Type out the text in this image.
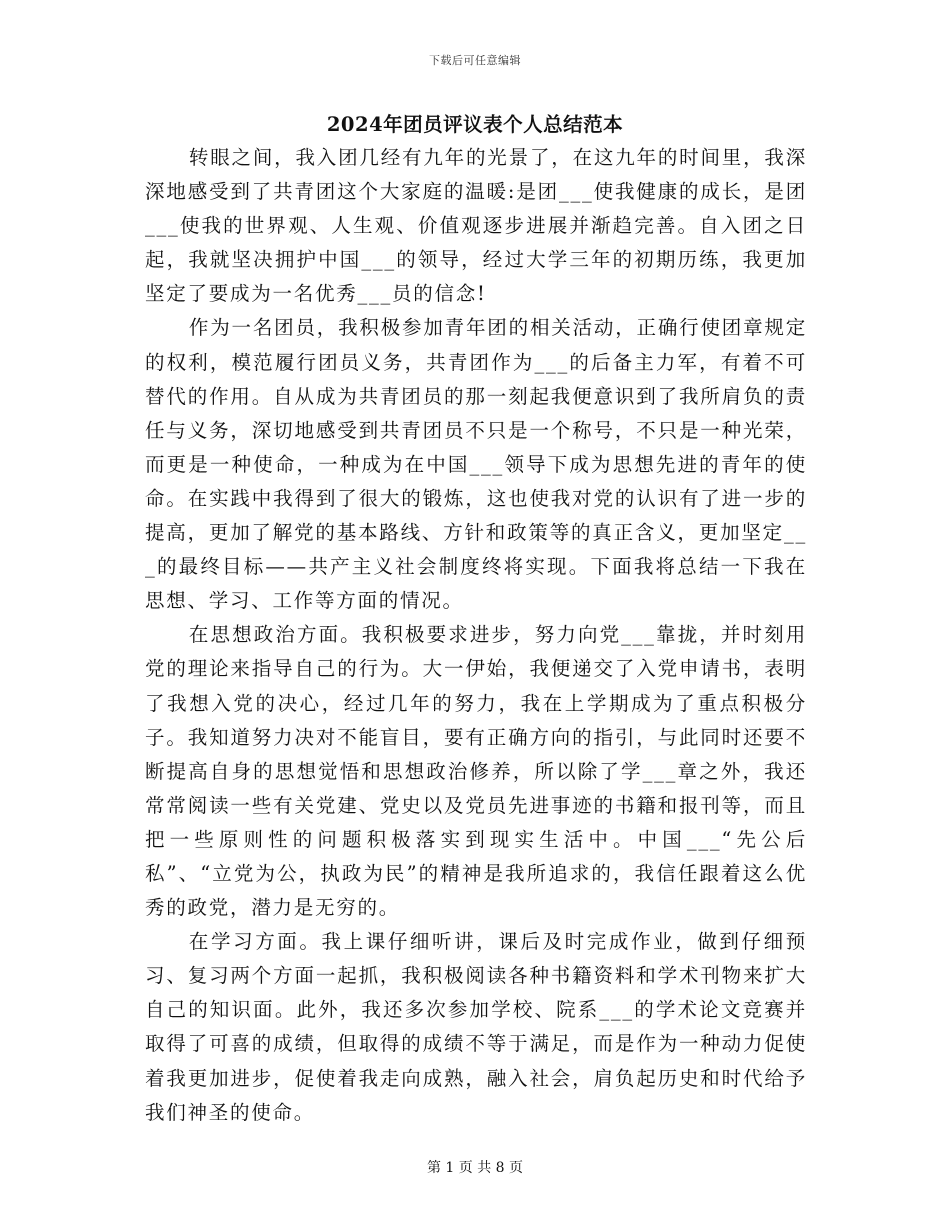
下载后可任意编辑
2024年团员评议表个人总结范本

转眼之间，我入团几经有九年的光景了，在这九年的时间里，我深深地感受到了共青团这个大家庭的温暖:是团___使我健康的成长，是团___使我的世界观、人生观、价值观逐步进展并渐趋完善。自入团之日起，我就坚决拥护中国___的领导，经过大学三年的初期历练，我更加坚定了要成为一名优秀___员的信念!

作为一名团员，我积极参加青年团的相关活动，正确行使团章规定的权利，模范履行团员义务，共青团作为___的后备主力军，有着不可替代的作用。自从成为共青团员的那一刻起我便意识到了我所肩负的责任与义务，深切地感受到共青团员不只是一个称号，不只是一种光荣，而更是一种使命，一种成为在中国___领导下成为思想先进的青年的使命。在实践中我得到了很大的锻炼，这也使我对党的认识有了进一步的提高，更加了解党的基本路线、方针和政策等的真正含义，更加坚定___的最终目标——共产主义社会制度终将实现。下面我将总结一下我在思想、学习、工作等方面的情况。

在思想政治方面。我积极要求进步，努力向党___靠拢，并时刻用党的理论来指导自己的行为。大一伊始，我便递交了入党申请书，表明了我想入党的决心，经过几年的努力，我在上学期成为了重点积极分子。我知道努力决对不能盲目，要有正确方向的指引，与此同时还要不断提高自身的思想觉悟和思想政治修养，所以除了学___章之外，我还常常阅读一些有关党建、党史以及党员先进事迹的书籍和报刊等，而且把一些原则性的问题积极落实到现实生活中。中国___“先公后私”、“立党为公，执政为民”的精神是我所追求的，我信任跟着这么优秀的政党，潜力是无穷的。

在学习方面。我上课仔细听讲，课后及时完成作业，做到仔细预习、复习两个方面一起抓，我积极阅读各种书籍资料和学术刊物来扩大自己的知识面。此外，我还多次参加学校、院系___的学术论文竞赛并取得了可喜的成绩，但取得的成绩不等于满足，而是作为一种动力促使着我更加进步，促使着我走向成熟，融入社会，肩负起历史和时代给予我们神圣的使命。

第 1 页 共 8 页
